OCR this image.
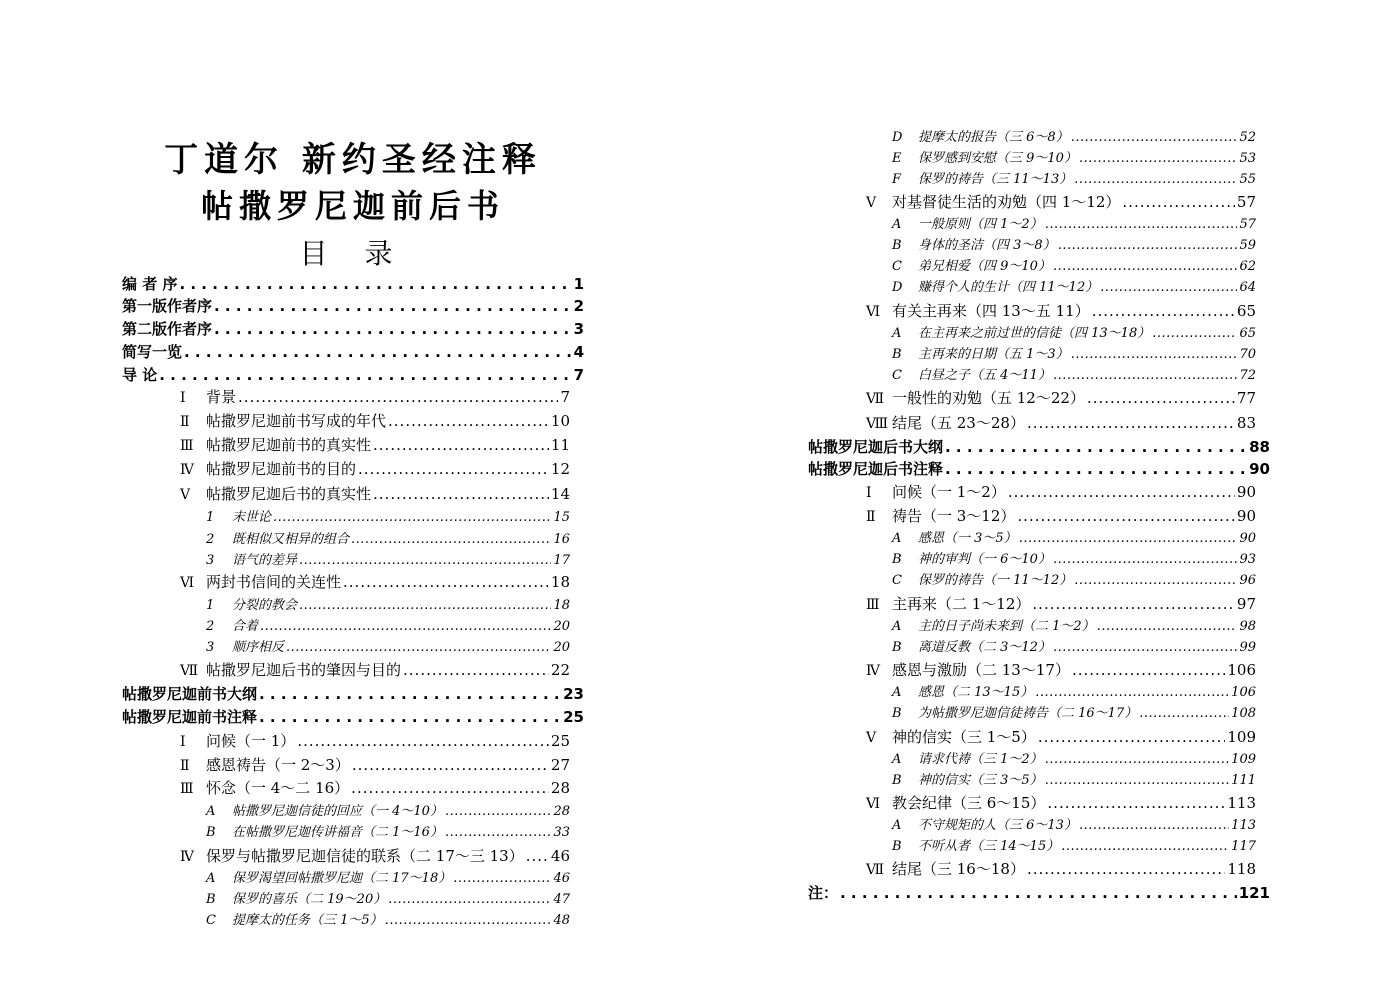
丁道尔 新约圣经注释
帖撒罗尼迦前后书
目 录
编 者 序 . . .	1
第一版作者序 . . .	2
第二版作者序 . . .	3
简写一览 . . .	4
导 论 . . .	7
Ⅰ 背景 .....	7
Ⅱ 帖撒罗尼迦前书写成的年代 .....	10
Ⅲ 帖撒罗尼迦前书的真实性 .....	11
Ⅳ 帖撒罗尼迦前书的目的 .....	12
Ⅴ 帖撒罗尼迦后书的真实性 .....	14
1 末世论 .....	15
2 既相似又相异的组合 .....	16
3 语气的差异 .....	17
Ⅵ 两封书信间的关连性 .....	18
1 分裂的教会 .....	18
2 合着 .....	20
3 顺序相反 .....	20
Ⅶ 帖撒罗尼迦后书的肇因与目的 .....	22
帖撒罗尼迦前书大纲 . . .	23
帖撒罗尼迦前书注释 . . .	25
Ⅰ 问候（一 1） .....	25
Ⅱ 感恩祷告（一 2～3） .....	27
Ⅲ 怀念（一 4～二 16） .....	28
A 帖撒罗尼迦信徒的回应（一 4～10） .....	28
B 在帖撒罗尼迦传讲福音（二 1～16） .....	33
Ⅳ 保罗与帖撒罗尼迦信徒的联系（二 17～三 13） ..... 46
A 保罗渴望回帖撒罗尼迦（二 17～18） .....	46
B 保罗的喜乐（二 19～20） .....	47
C 提摩太的任务（三 1～5） .....	48
D 提摩太的报告（三 6～8） .....	52
E 保罗感到安慰（三 9～10） .....	53
F 保罗的祷告（三 11～13） .....	55
Ⅴ 对基督徒生活的劝勉（四 1～12） .....	57
A 一般原则（四 1～2） .....	57
B 身体的圣洁（四 3～8） .....	59
C 弟兄相爱（四 9～10） .....	62
D 赚得个人的生计（四 11～12） .....	64
Ⅵ 有关主再来（四 13～五 11） .....	65
A 在主再来之前过世的信徒（四 13～18） .....	65
B 主再来的日期（五 1～3） .....	70
C 白昼之子（五 4～11） .....	72
Ⅶ 一般性的劝勉（五 12～22） .....	77
Ⅷ 结尾（五 23～28） .....	83
帖撒罗尼迦后书大纲 . . .	88
帖撒罗尼迦后书注释 . . .	90
Ⅰ 问候（一 1～2） .....	90
Ⅱ 祷告（一 3～12） .....	90
A 感恩（一 3～5） .....	90
B 神的审判（一 6～10） .....	93
C 保罗的祷告（一 11～12） .....	96
Ⅲ 主再来（二 1～12） .....	97
A 主的日子尚未来到（二 1～2） .....	98
B 离道反教（二 3～12） .....	99
Ⅳ 感恩与激励（二 13～17） .....	106
A 感恩（二 13～15） .....	106
B 为帖撒罗尼迦信徒祷告（二 16～17） .....	108
Ⅴ 神的信实（三 1～5） .....	109
A 请求代祷（三 1～2） .....	109
B 神的信实（三 3～5） .....	111
Ⅵ 教会纪律（三 6～15） .....	113
A 不守规矩的人（三 6～13） .....	113
B 不听从者（三 14～15） .....	117
Ⅶ 结尾（三 16～18） .....	118
注： . . .	121
